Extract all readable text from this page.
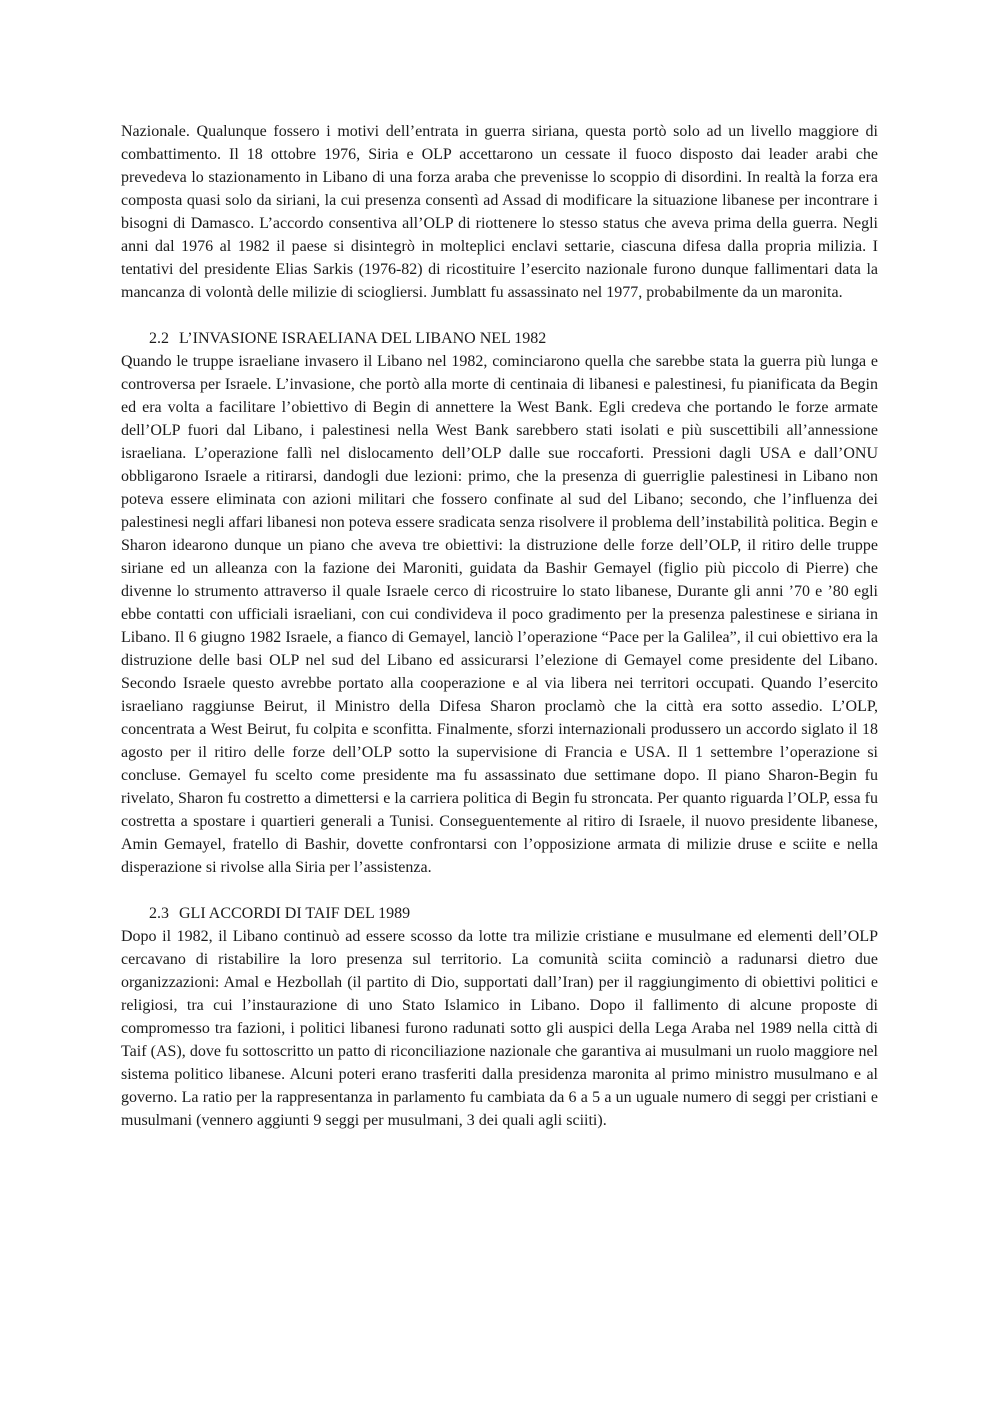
Nazionale. Qualunque fossero i motivi dell’entrata in guerra siriana, questa portò solo ad un livello maggiore di combattimento. Il 18 ottobre 1976, Siria e OLP accettarono un cessate il fuoco disposto dai leader arabi che prevedeva lo stazionamento in Libano di una forza araba che prevenisse lo scoppio di disordini. In realtà la forza era composta quasi solo da siriani, la cui presenza consentì ad Assad di modificare la situazione libanese per incontrare i bisogni di Damasco. L’accordo consentiva all’OLP di riottenere lo stesso status che aveva prima della guerra. Negli anni dal 1976 al 1982 il paese si disintegrò in molteplici enclavi settarie, ciascuna difesa dalla propria milizia. I tentativi del presidente Elias Sarkis (1976-82) di ricostituire l’esercito nazionale furono dunque fallimentari data la mancanza di volontà delle milizie di sciogliersi. Jumblatt fu assassinato nel 1977, probabilmente da un maronita.

2.2 L’INVASIONE ISRAELIANA DEL LIBANO NEL 1982

Quando le truppe israeliane invasero il Libano nel 1982, cominciarono quella che sarebbe stata la guerra più lunga e controversa per Israele. L’invasione, che portò alla morte di centinaia di libanesi e palestinesi, fu pianificata da Begin ed era volta a facilitare l’obiettivo di Begin di annettere la West Bank. Egli credeva che portando le forze armate dell’OLP fuori dal Libano, i palestinesi nella West Bank sarebbero stati isolati e più suscettibili all’annessione israeliana. L’operazione fallì nel dislocamento dell’OLP dalle sue roccaforti. Pressioni dagli USA e dall’ONU obbligarono Israele a ritirarsi, dandogli due lezioni: primo, che la presenza di guerriglie palestinesi in Libano non poteva essere eliminata con azioni militari che fossero confinate al sud del Libano; secondo, che l’influenza dei palestinesi negli affari libanesi non poteva essere sradicata senza risolvere il problema dell’instabilità politica. Begin e Sharon idearono dunque un piano che aveva tre obiettivi: la distruzione delle forze dell’OLP, il ritiro delle truppe siriane ed un alleanza con la fazione dei Maroniti, guidata da Bashir Gemayel (figlio più piccolo di Pierre) che divenne lo strumento attraverso il quale Israele cerco di ricostruire lo stato libanese, Durante gli anni ’70 e ’80 egli ebbe contatti con ufficiali israeliani, con cui condivideva il poco gradimento per la presenza palestinese e siriana in Libano. Il 6 giugno 1982 Israele, a fianco di Gemayel, lanciò l’operazione “Pace per la Galilea”, il cui obiettivo era la distruzione delle basi OLP nel sud del Libano ed assicurarsi l’elezione di Gemayel come presidente del Libano. Secondo Israele questo avrebbe portato alla cooperazione e al via libera nei territori occupati. Quando l’esercito israeliano raggiunse Beirut, il Ministro della Difesa Sharon proclamò che la città era sotto assedio. L’OLP, concentrata a West Beirut, fu colpita e sconfitta. Finalmente, sforzi internazionali produssero un accordo siglato il 18 agosto per il ritiro delle forze dell’OLP sotto la supervisione di Francia e USA. Il 1 settembre l’operazione si concluse. Gemayel fu scelto come presidente ma fu assassinato due settimane dopo. Il piano Sharon-Begin fu rivelato, Sharon fu costretto a dimettersi e la carriera politica di Begin fu stroncata. Per quanto riguarda l’OLP, essa fu costretta a spostare i quartieri generali a Tunisi. Conseguentemente al ritiro di Israele, il nuovo presidente libanese, Amin Gemayel, fratello di Bashir, dovette confrontarsi con l’opposizione armata di milizie druse e sciite e nella disperazione si rivolse alla Siria per l’assistenza.

2.3 GLI ACCORDI DI TAIF DEL 1989

Dopo il 1982, il Libano continuò ad essere scosso da lotte tra milizie cristiane e musulmane ed elementi dell’OLP cercavano di ristabilire la loro presenza sul territorio. La comunità sciita cominciò a radunarsi dietro due organizzazioni: Amal e Hezbollah (il partito di Dio, supportati dall’Iran) per il raggiungimento di obiettivi politici e religiosi, tra cui l’instaurazione di uno Stato Islamico in Libano. Dopo il fallimento di alcune proposte di compromesso tra fazioni, i politici libanesi furono radunati sotto gli auspici della Lega Araba nel 1989 nella città di Taif (AS), dove fu sottoscritto un patto di riconciliazione nazionale che garantiva ai musulmani un ruolo maggiore nel sistema politico libanese. Alcuni poteri erano trasferiti dalla presidenza maronita al primo ministro musulmano e al governo. La ratio per la rappresentanza in parlamento fu cambiata da 6 a 5 a un uguale numero di seggi per cristiani e musulmani (vennero aggiunti 9 seggi per musulmani, 3 dei quali agli sciiti).
